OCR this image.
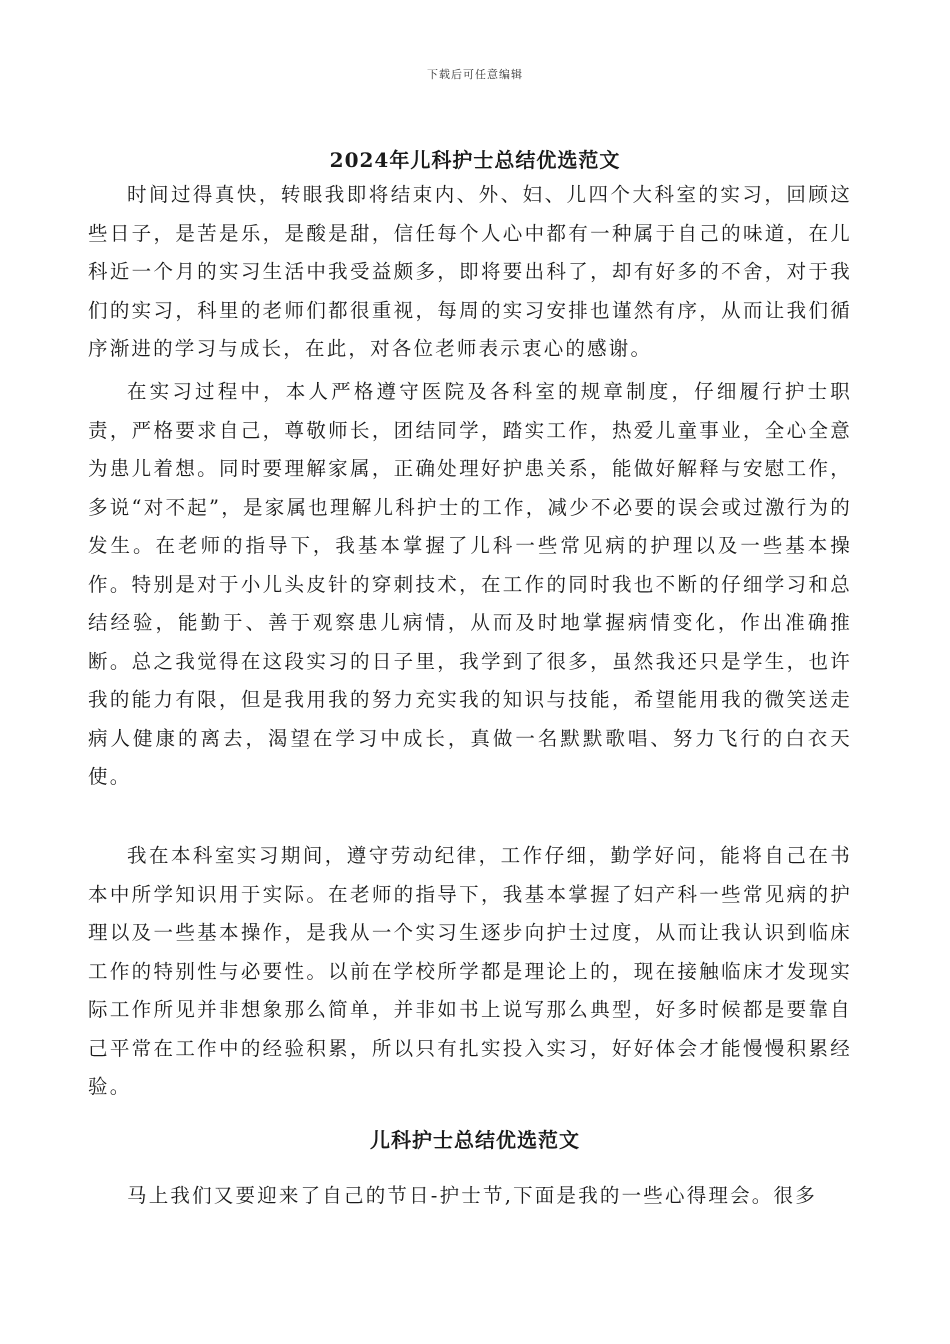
下载后可任意编辑
2024年儿科护士总结优选范文

时间过得真快，转眼我即将结束内、外、妇、儿四个大科室的实习，回顾这些日子，是苦是乐，是酸是甜，信任每个人心中都有一种属于自己的味道，在儿科近一个月的实习生活中我受益颇多，即将要出科了，却有好多的不舍，对于我们的实习，科里的老师们都很重视，每周的实习安排也谨然有序，从而让我们循序渐进的学习与成长，在此，对各位老师表示衷心的感谢。

在实习过程中，本人严格遵守医院及各科室的规章制度，仔细履行护士职责，严格要求自己，尊敬师长，团结同学，踏实工作，热爱儿童事业，全心全意为患儿着想。同时要理解家属，正确处理好护患关系，能做好解释与安慰工作，多说“对不起”，是家属也理解儿科护士的工作，减少不必要的误会或过激行为的发生。在老师的指导下，我基本掌握了儿科一些常见病的护理以及一些基本操作。特别是对于小儿头皮针的穿刺技术，在工作的同时我也不断的仔细学习和总结经验，能勤于、善于观察患儿病情，从而及时地掌握病情变化，作出准确推断。总之我觉得在这段实习的日子里，我学到了很多，虽然我还只是学生，也许我的能力有限，但是我用我的努力充实我的知识与技能，希望能用我的微笑送走病人健康的离去，渴望在学习中成长，真做一名默默歌唱、努力飞行的白衣天使。

我在本科室实习期间，遵守劳动纪律，工作仔细，勤学好问，能将自己在书本中所学知识用于实际。在老师的指导下，我基本掌握了妇产科一些常见病的护理以及一些基本操作，是我从一个实习生逐步向护士过度，从而让我认识到临床工作的特别性与必要性。以前在学校所学都是理论上的，现在接触临床才发现实际工作所见并非想象那么简单，并非如书上说写那么典型，好多时候都是要靠自己平常在工作中的经验积累，所以只有扎实投入实习，好好体会才能慢慢积累经验。

儿科护士总结优选范文

马上我们又要迎来了自己的节日-护士节,下面是我的一些心得理会。很多
